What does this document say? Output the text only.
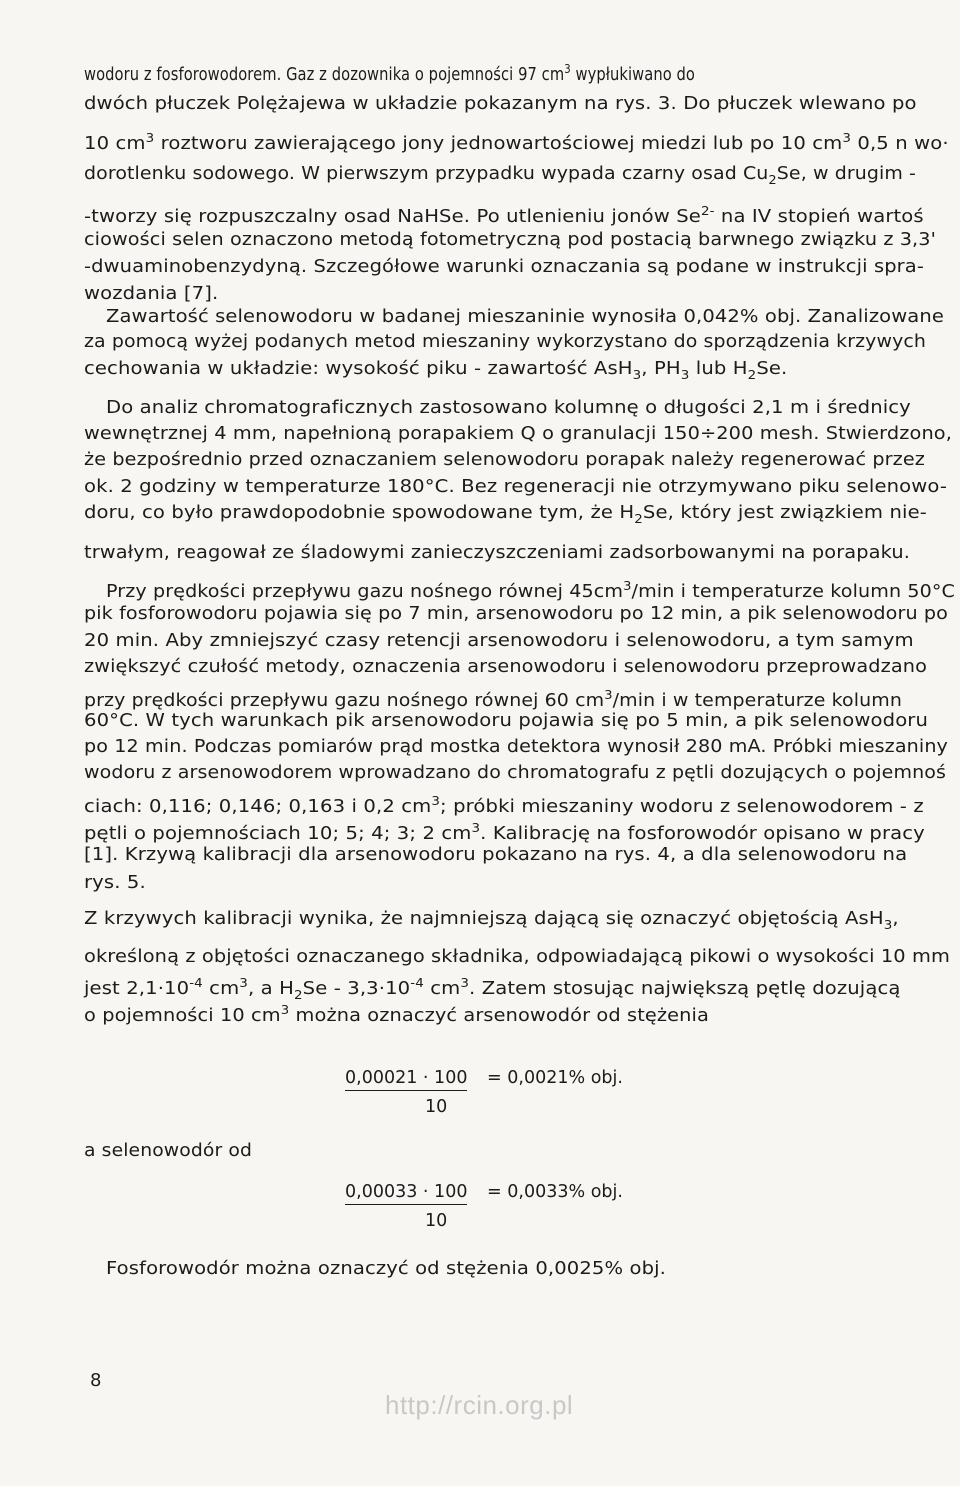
wodoru z fosforowodorem. Gaz z dozownika o pojemności 97 $cm^3$ wypłukiwano do
dwóch płuczek Polężajewa w układzie pokazanym na rys. 3. Do płuczek wlewano po
10 $cm^3$ roztworu zawierającego jony jednowartościowej miedzi lub po 10 $cm^3$ 0,5 n wo·
dorotlenku sodowego. W pierwszym przypadku wypada czarny osad $Cu_2Se$, w drugim -
-tworzy się rozpuszczalny osad NaHSe. Po utlenieniu jonów $Se^{2-}$ na IV stopień wartoś
ciowości selen oznaczono metodą fotometryczną pod postacią barwnego związku z 3,3'
-dwuaminobenzydyną. Szczegółowe warunki oznaczania są podane w instrukcji spra-
wozdania [7].
Zawartość selenowodoru w badanej mieszaninie wynosiła 0,042% obj. Zanalizowane
za pomocą wyżej podanych metod mieszaniny wykorzystano do sporządzenia krzywych
cechowania w układzie: wysokość piku - zawartość AsH$_3$, $PH_3$ lub $H_2Se$.
Do analiz chromatograficznych zastosowano kolumnę o długości 2,1 m i średnicy
wewnętrznej 4 mm, napełnioną porapakiem Q o granulacji 150÷200 mesh. Stwierdzono,
że bezpośrednio przed oznaczaniem selenowodoru porapak należy regenerować przez
ok. 2 godziny w temperaturze 180°C. Bez regeneracji nie otrzymywano piku selenowo-
doru, co było prawdopodobnie spowodowane tym, że $H_2Se$, który jest związkiem nie-
trwałym, reagował ze śladowymi zanieczyszczeniami zadsorbowanymi na porapaku.
Przy prędkości przepływu gazu nośnego równej $45cm^3/\min$ i temperaturze kolumn 50°C
pik fosforowodoru pojawia się po 7 min, arsenowodoru po 12 min, a pik selenowodoru po
20 min. Aby zmniejszyć czasy retencji arsenowodoru i selenowodoru, a tym samym
zwiększyć czułość metody, oznaczenia arsenowodoru i selenowodoru przeprowadzano
przy prędkości przepływu gazu nośnego równej 60 $cm^3/\min$ i w temperaturze kolumn
60°C. W tych warunkach pik arsenowodoru pojawia się po 5 min, a pik selenowodoru
po 12 min. Podczas pomiarów prąd mostka detektora wynosił 280 mA. Próbki mieszaniny
wodoru z arsenowodorem wprowadzano do chromatografu z pętli dozujących o pojemnoś
ciach: 0,116; 0,146; 0,163 i 0,2 $cm^3$; próbki mieszaniny wodoru z selenowodorem - z
pętli o pojemnościach 10; 5; 4; 3; 2 $cm^3$. Kalibrację na fosforowodór opisano w pracy
[1]. Krzywą kalibracji dla arsenowodoru pokazano na rys. 4, a dla selenowodoru na
rys. 5.
Z krzywych kalibracji wynika, że najmniejszą dającą się oznaczyć objętością AsH$_3$,
określoną z objętości oznaczanego składnika, odpowiadającą pikowi o wysokości 10 mm
jest $2,1\cdot 10^{-4}$ $cm^3$, a $H_2Se - 3,3\cdot 10^{-4}$ $cm^3$. Zatem stosując największą pętlę dozującą
o pojemności 10 $cm^3$ można oznaczyć arsenowodór od stężenia
a selenowodór od
Fosforowodór można oznaczyć od stężenia 0,0025% obj.
0,00021 · 100 = 0,0021% obj.
10
0,00033 · 100 = 0,0033% obj.
10
8
http://rcin.org.pl
